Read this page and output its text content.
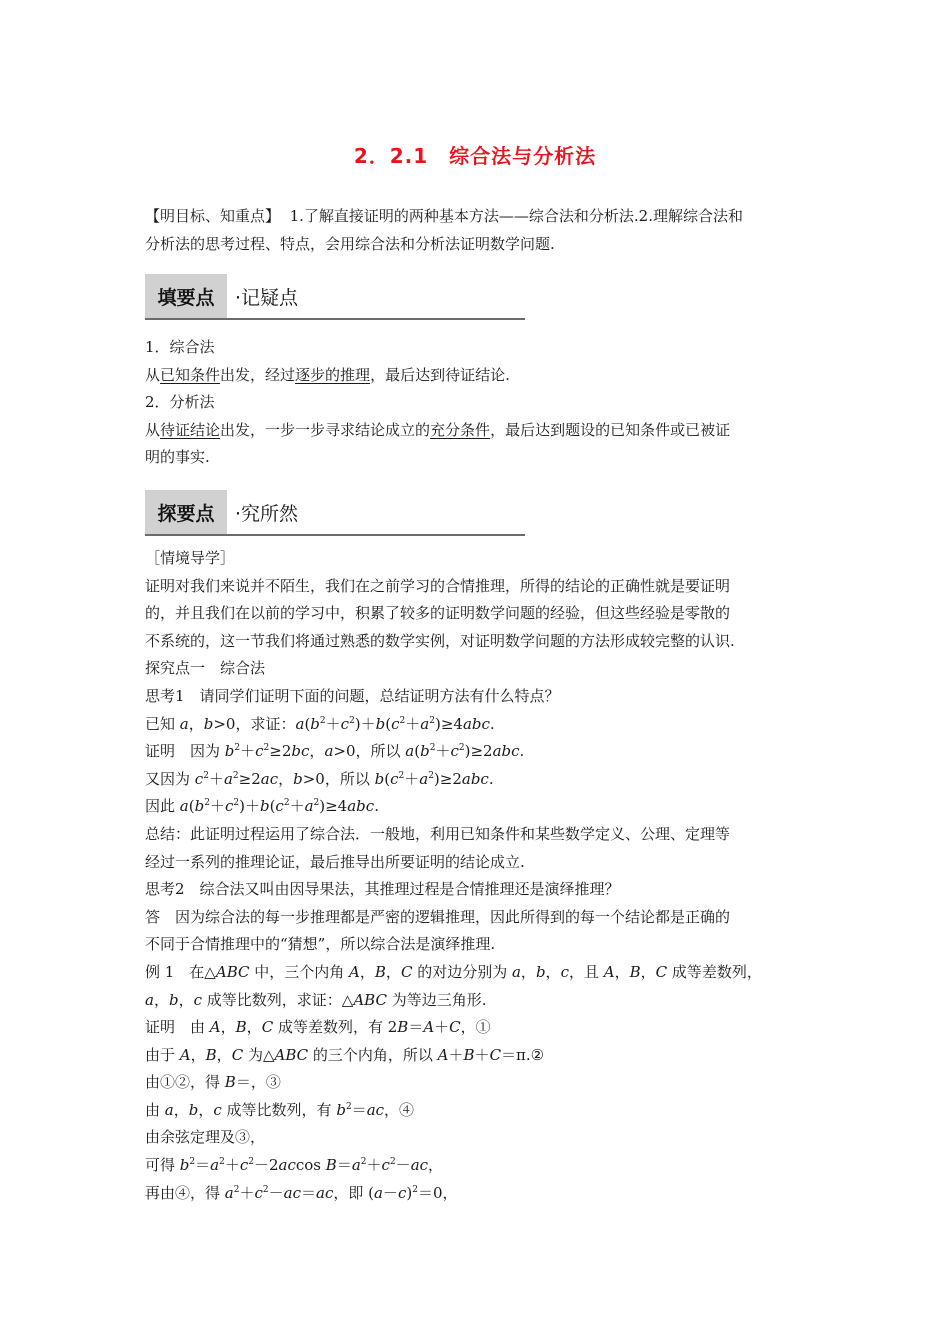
2．2.1　综合法与分析法
【明目标、知重点】 1.了解直接证明的两种基本方法——综合法和分析法.2.理解综合法和
分析法的思考过程、特点，会用综合法和分析法证明数学问题.
填要点	·记疑点
1．综合法
从已知条件出发，经过逐步的推理，最后达到待证结论.
2．分析法
从待证结论出发，一步一步寻求结论成立的充分条件，最后达到题设的已知条件或已被证
明的事实.
探要点	·究所然
［情境导学］
证明对我们来说并不陌生，我们在之前学习的合情推理，所得的结论的正确性就是要证明
的，并且我们在以前的学习中，积累了较多的证明数学问题的经验，但这些经验是零散的
不系统的，这一节我们将通过熟悉的数学实例，对证明数学问题的方法形成较完整的认识.
探究点一　综合法
思考1　请同学们证明下面的问题，总结证明方法有什么特点？
已知 a，b>0，求证：$a(b^2+c^2)+b(c^2+a^2)\ge 4abc$.
证明　因为 $b^2+c^2\ge 2bc$，a>0，所以 $a(b^2+c^2)\ge 2abc$.
又因为 $c^2+a^2\ge 2ac$，b>0，所以 $b(c^2+a^2)\ge 2abc$.
因此 $a(b^2+c^2)+b(c^2+a^2)\ge 4abc$.
总结：此证明过程运用了综合法．一般地，利用已知条件和某些数学定义、公理、定理等
经过一系列的推理论证，最后推导出所要证明的结论成立.
思考2　综合法又叫由因导果法，其推理过程是合情推理还是演绎推理？
答　因为综合法的每一步推理都是严密的逻辑推理，因此所得到的每一个结论都是正确的
不同于合情推理中的“猜想”，所以综合法是演绎推理.
例 1　在△ABC 中，三个内角 A，B，C 的对边分别为 a，b，c，且 A，B，C 成等差数列，
a，b，c 成等比数列，求证：△ABC 为等边三角形.
证明　由 A，B，C 成等差数列，有 2B＝A＋C，①
由于 A，B，C 为△ABC 的三个内角，所以 A＋B＋C＝π.②
由①②，得 B＝，③
由 a，b，c 成等比数列，有 $b^2=ac$，④
由余弦定理及③，
可得 $b^2=a^2+c^2-2accos$ $B=a^2+c^2-ac$，
再由④，得 $a^2+c^2-ac=ac$，即 $(a-c)^2=0$，
